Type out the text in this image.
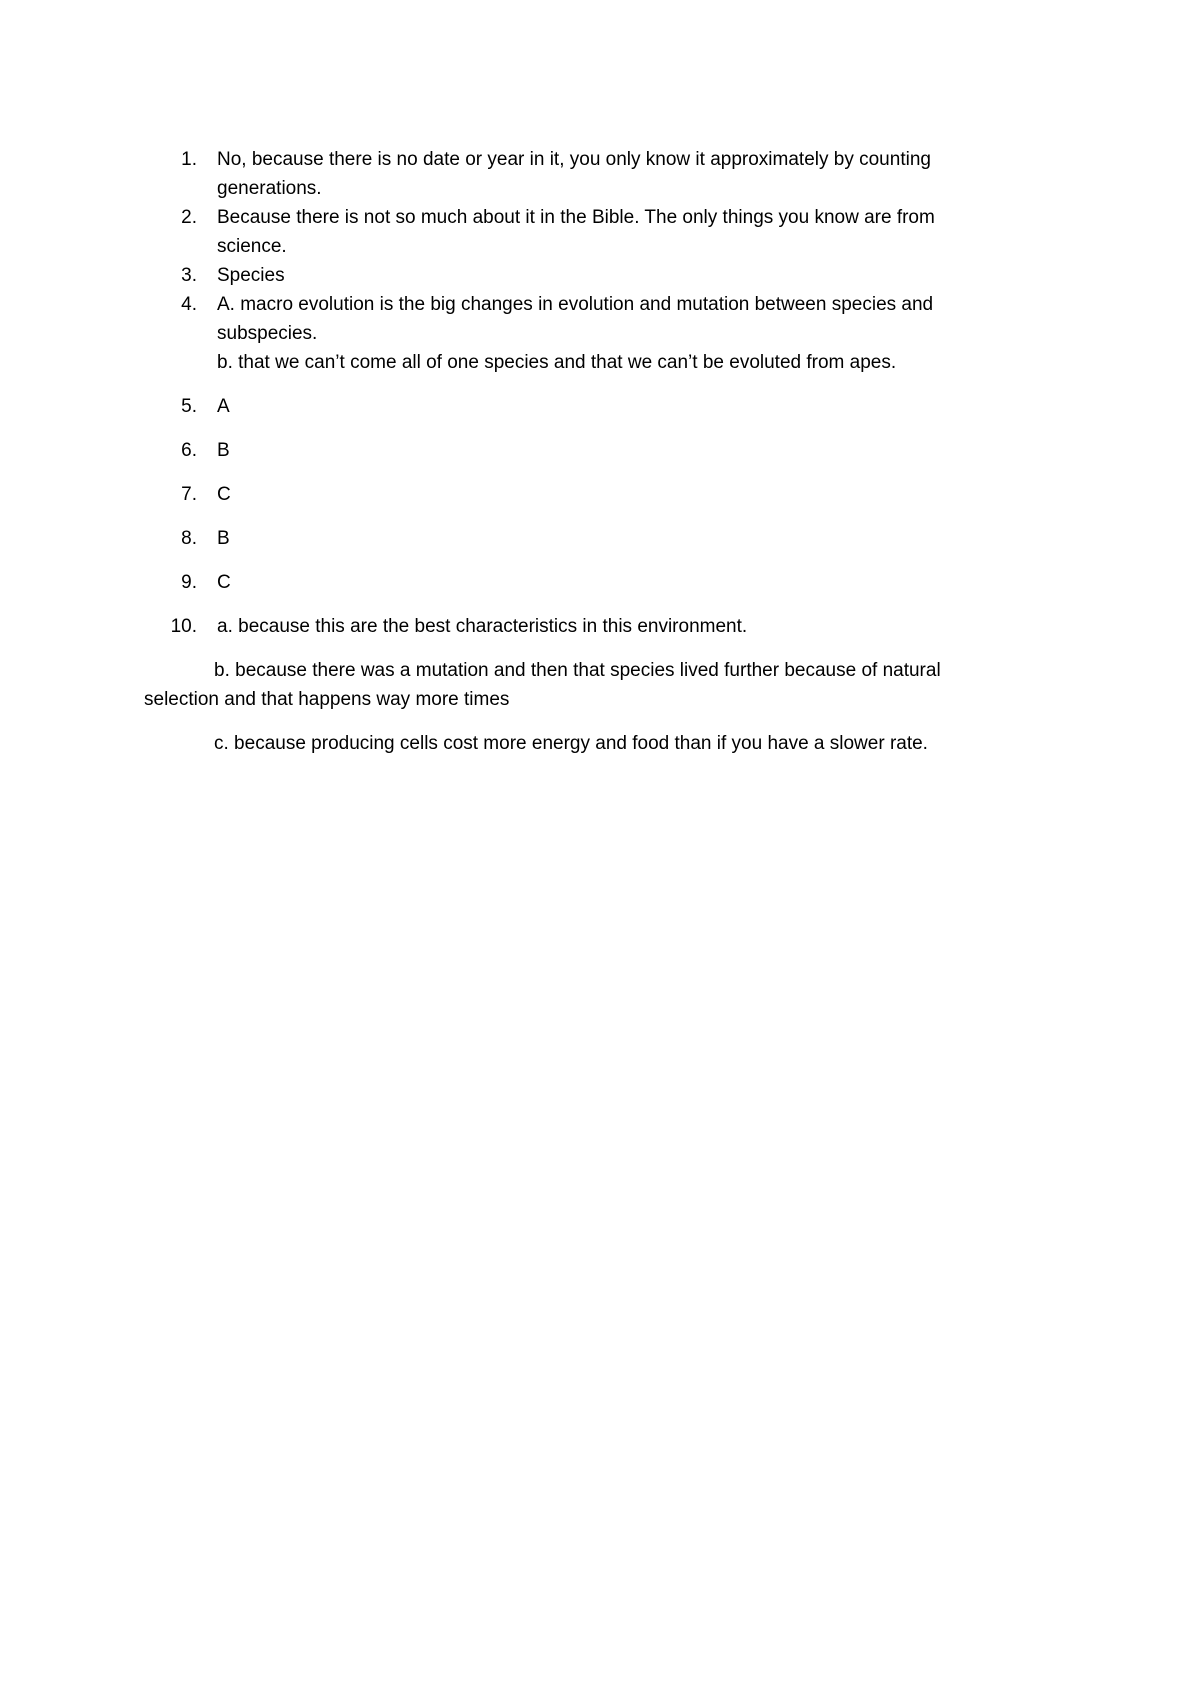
1. No, because there is no date or year in it, you only know it approximately by counting generations.
2. Because there is not so much about it in the Bible. The only things you know are from science.
3. Species
4. A. macro evolution is the big changes in evolution and mutation between species and subspecies.
b. that we can’t come all of one species and that we can’t be evoluted from apes.
5. A
6. B
7. C
8. B
9. C
10. a. because this are the best characteristics in this environment.
b. because there was a mutation and then that species lived further because of natural selection and that happens way more times
c. because producing cells cost more energy and food than if you have a slower rate.
